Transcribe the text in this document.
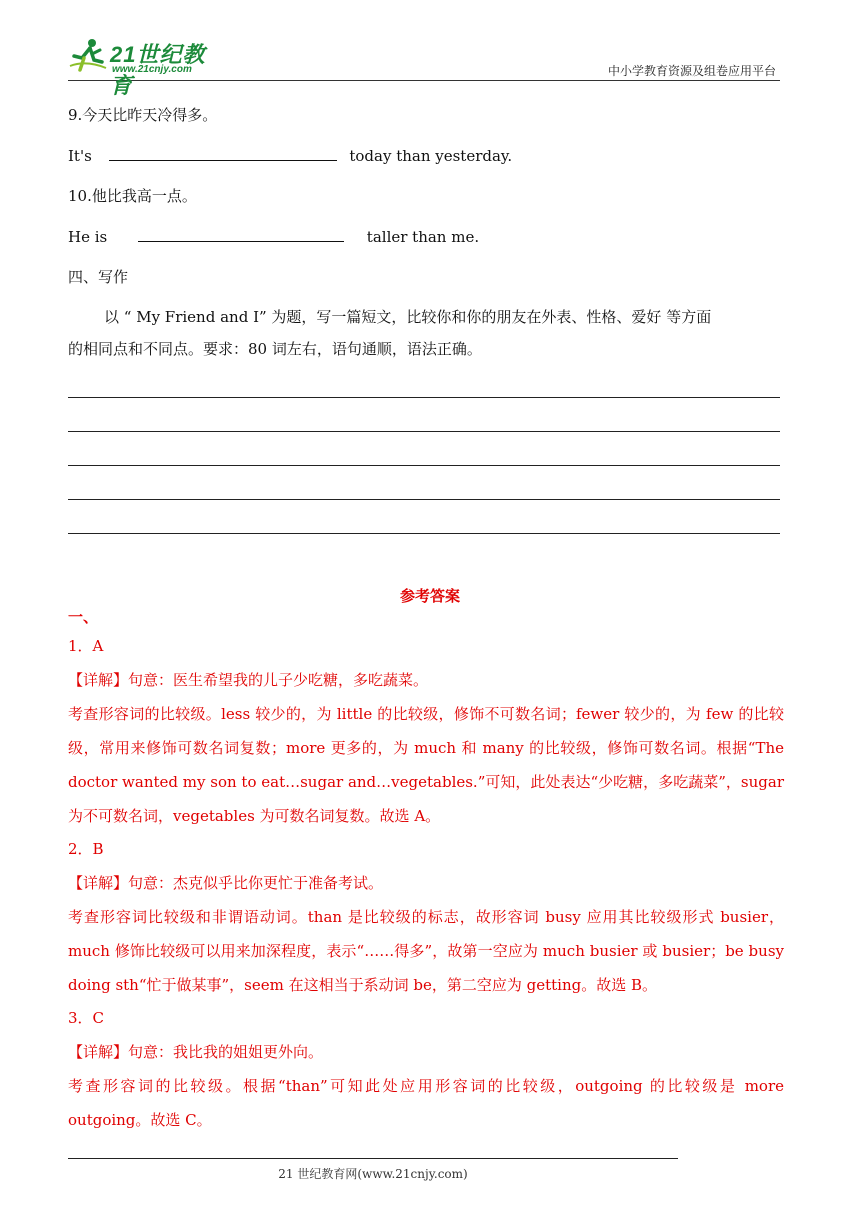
21世纪教育
www.21cnjy.com	中小学教育资源及组卷应用平台
9.今天比昨天冷得多。
It's	today than yesterday.
10.他比我高一点。
He is	taller than me.
四、写作
以 “ My Friend and I” 为题，写一篇短文，比较你和你的朋友在外表、性格、爱好 等方面
的相同点和不同点。要求：80 词左右，语句通顺，语法正确。
参考答案
一、
1．A
【详解】句意：医生希望我的儿子少吃糖，多吃蔬菜。
考查形容词的比较级。less 较少的，为 little 的比较级，修饰不可数名词；fewer 较少的，为 few 的比较级，常用来修饰可数名词复数；more 更多的，为 much 和 many 的比较级，修饰可数名词。根据“The doctor wanted my son to eat…sugar and…vegetables.”可知，此处表达“少吃糖，多吃蔬菜”，sugar 为不可数名词，vegetables 为可数名词复数。故选 A。
2．B
【详解】句意：杰克似乎比你更忙于准备考试。
考查形容词比较级和非谓语动词。than 是比较级的标志，故形容词 busy 应用其比较级形式 busier，much 修饰比较级可以用来加深程度，表示“……得多”，故第一空应为 much busier 或 busier；be busy doing sth“忙于做某事”，seem 在这相当于系动词 be，第二空应为 getting。故选 B。
3．C
【详解】句意：我比我的姐姐更外向。
考查形容词的比较级。根据“than”可知此处应用形容词的比较级，outgoing 的比较级是 more outgoing。故选 C。
21 世纪教育网(www.21cnjy.com)
